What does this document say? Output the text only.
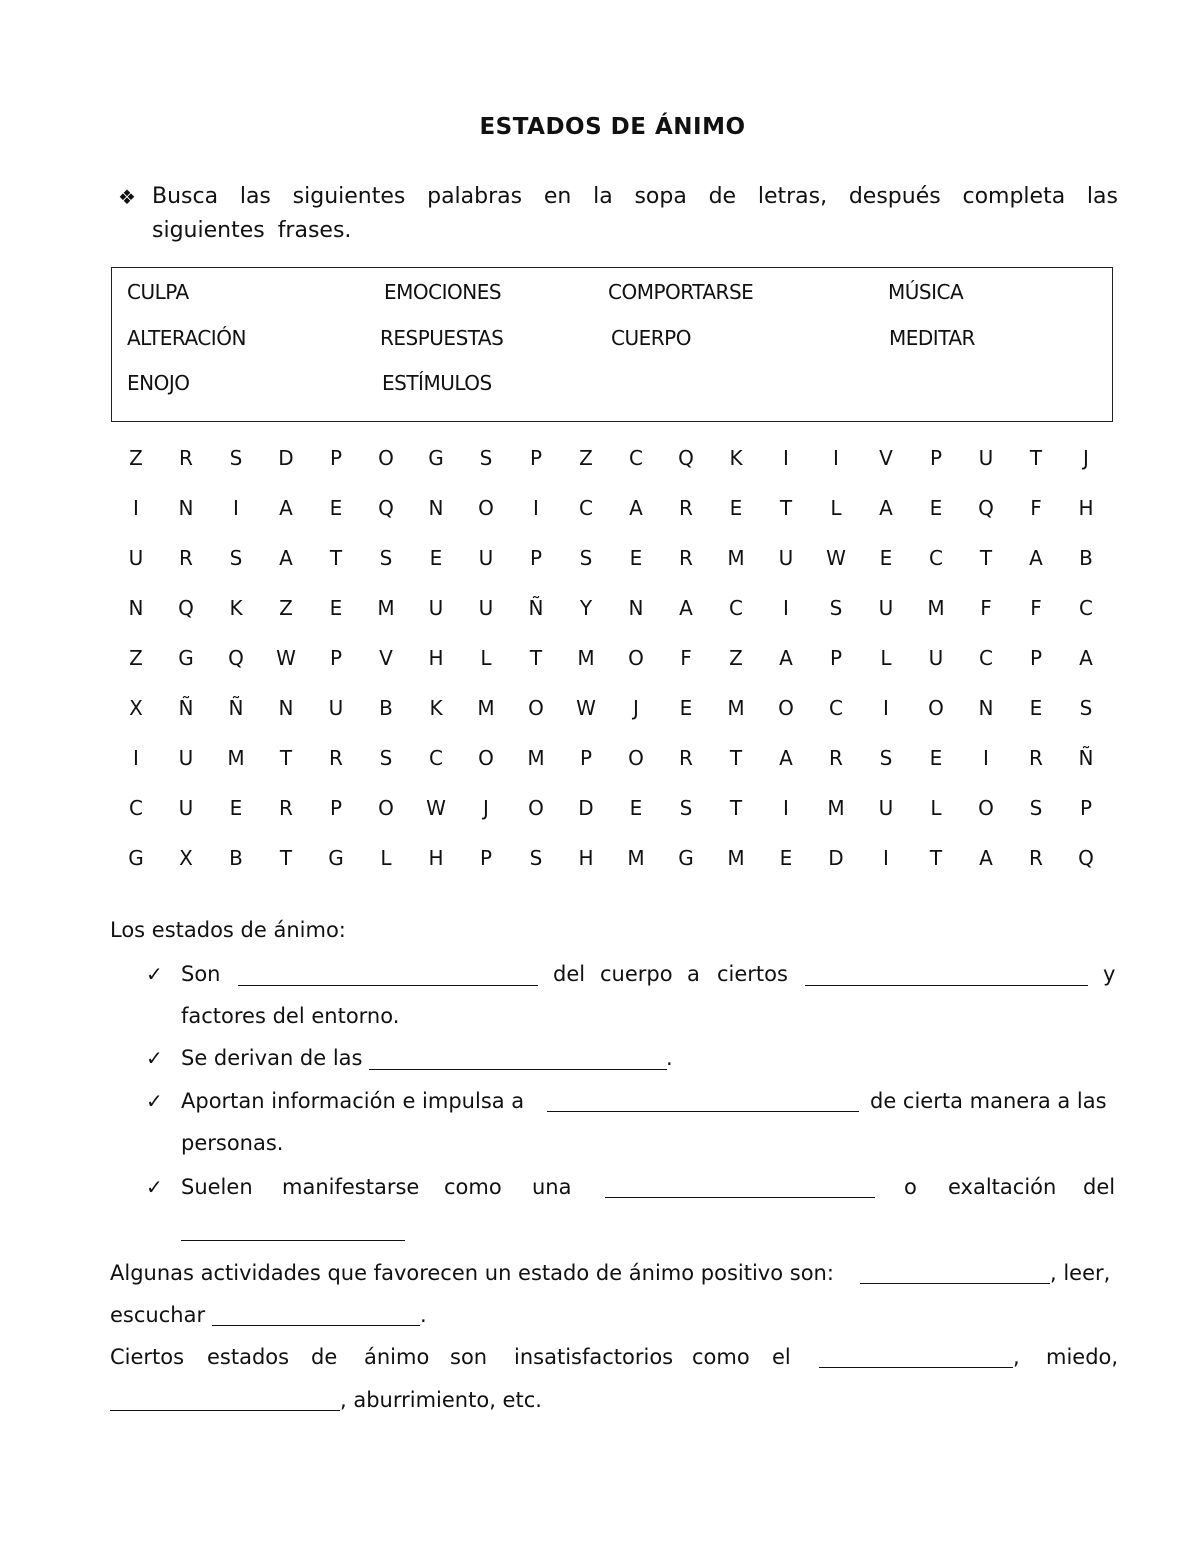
ESTADOS DE ÁNIMO
❖ Busca las siguientes palabras en la sopa de letras, después completa las siguientes frases.
CULPA	EMOCIONES	COMPORTARSE	MÚSICA
ALTERACIÓN	RESPUESTAS	CUERPO	MEDITAR
ENOJO	ESTÍMULOS
Z	R	S	D	P	O	G	S	P	Z	C	Q	K	I	I	V	P	U	T	J
I	N	I	A	E	Q	N	O	I	C	A	R	E	T	L	A	E	Q	F	H
U	R	S	A	T	S	E	U	P	S	E	R	M	U	W	E	C	T	A	B
N	Q	K	Z	E	M	U	U	Ñ	Y	N	A	C	I	S	U	M	F	F	C
Z	G	Q	W	P	V	H	L	T	M	O	F	Z	A	P	L	U	C	P	A
X	Ñ	Ñ	N	U	B	K	M	O	W	J	E	M	O	C	I	O	N	E	S
I	U	M	T	R	S	C	O	M	P	O	R	T	A	R	S	E	I	R	Ñ
C	U	E	R	P	O	W	J	O	D	E	S	T	I	M	U	L	O	S	P
G	X	B	T	G	L	H	P	S	H	M	G	M	E	D	I	T	A	R	Q
Los estados de ánimo:
✓ Son	del cuerpo a ciertos	y
factores del entorno.
✓ Se derivan de las	.
✓ Aportan información e impulsa a	de cierta manera a las
personas.
✓ Suelen manifestarse como una	o exaltación del
Algunas actividades que favorecen un estado de ánimo positivo son:	, leer,
escuchar	.
Ciertos estados de ánimo son insatisfactorios como el	, miedo,
, aburrimiento, etc.
